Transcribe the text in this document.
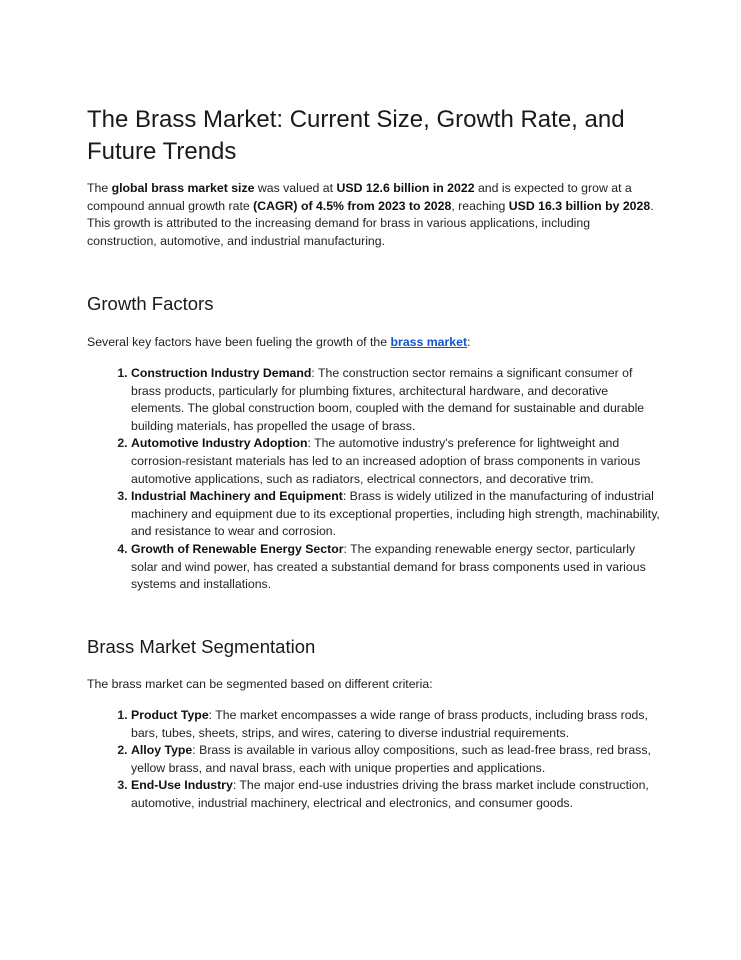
The Brass Market: Current Size, Growth Rate, and Future Trends

The global brass market size was valued at USD 12.6 billion in 2022 and is expected to grow at a compound annual growth rate (CAGR) of 4.5% from 2023 to 2028, reaching USD 16.3 billion by 2028. This growth is attributed to the increasing demand for brass in various applications, including construction, automotive, and industrial manufacturing.

Growth Factors

Several key factors have been fueling the growth of the brass market:

1. Construction Industry Demand: The construction sector remains a significant consumer of brass products, particularly for plumbing fixtures, architectural hardware, and decorative elements. The global construction boom, coupled with the demand for sustainable and durable building materials, has propelled the usage of brass.
2. Automotive Industry Adoption: The automotive industry's preference for lightweight and corrosion-resistant materials has led to an increased adoption of brass components in various automotive applications, such as radiators, electrical connectors, and decorative trim.
3. Industrial Machinery and Equipment: Brass is widely utilized in the manufacturing of industrial machinery and equipment due to its exceptional properties, including high strength, machinability, and resistance to wear and corrosion.
4. Growth of Renewable Energy Sector: The expanding renewable energy sector, particularly solar and wind power, has created a substantial demand for brass components used in various systems and installations.
Brass Market Segmentation

The brass market can be segmented based on different criteria:

1. Product Type: The market encompasses a wide range of brass products, including brass rods, bars, tubes, sheets, strips, and wires, catering to diverse industrial requirements.
2. Alloy Type: Brass is available in various alloy compositions, such as lead-free brass, red brass, yellow brass, and naval brass, each with unique properties and applications.
3. End-Use Industry: The major end-use industries driving the brass market include construction, automotive, industrial machinery, electrical and electronics, and consumer goods.
